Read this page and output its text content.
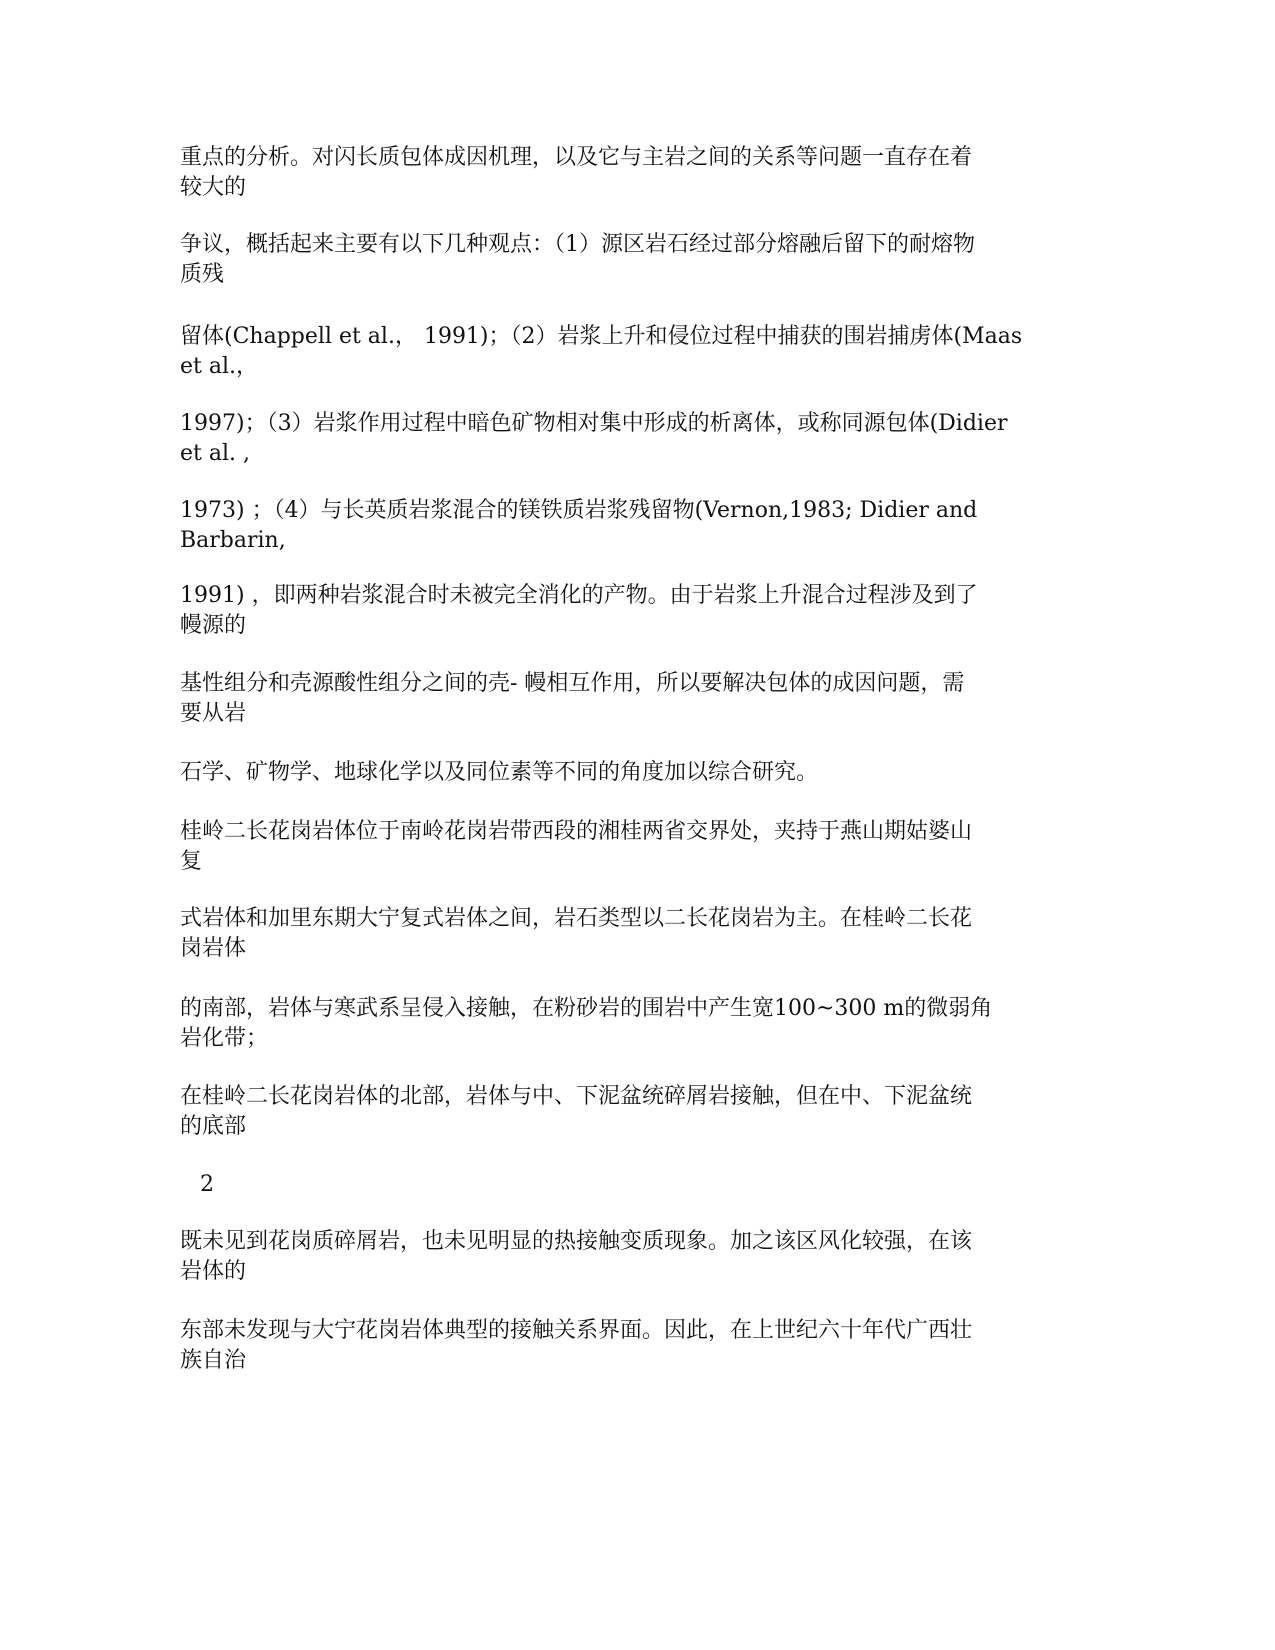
重点的分析。对闪长质包体成因机理，以及它与主岩之间的关系等问题一直存在着
较大的

争议，概括起来主要有以下几种观点：（1）源区岩石经过部分熔融后留下的耐熔物
质残

留体(Chappell et al.， 1991)；（2）岩浆上升和侵位过程中捕获的围岩捕虏体(Maas
et al.，

1997)；（3）岩浆作用过程中暗色矿物相对集中形成的析离体，或称同源包体(Didier
et al. ,

1973) ；（4）与长英质岩浆混合的镁铁质岩浆残留物(Vernon,1983; Didier and
Barbarin,

1991) ，即两种岩浆混合时未被完全消化的产物。由于岩浆上升混合过程涉及到了
幔源的

基性组分和壳源酸性组分之间的壳- 幔相互作用，所以要解决包体的成因问题，需
要从岩

石学、矿物学、地球化学以及同位素等不同的角度加以综合研究。

桂岭二长花岗岩体位于南岭花岗岩带西段的湘桂两省交界处，夹持于燕山期姑婆山
复

式岩体和加里东期大宁复式岩体之间，岩石类型以二长花岗岩为主。在桂岭二长花
岗岩体

的南部，岩体与寒武系呈侵入接触，在粉砂岩的围岩中产生宽100~300 m的微弱角
岩化带；

在桂岭二长花岗岩体的北部，岩体与中、下泥盆统碎屑岩接触，但在中、下泥盆统
的底部

2

既未见到花岗质碎屑岩，也未见明显的热接触变质现象。加之该区风化较强，在该
岩体的

东部未发现与大宁花岗岩体典型的接触关系界面。因此，在上世纪六十年代广西壮
族自治
